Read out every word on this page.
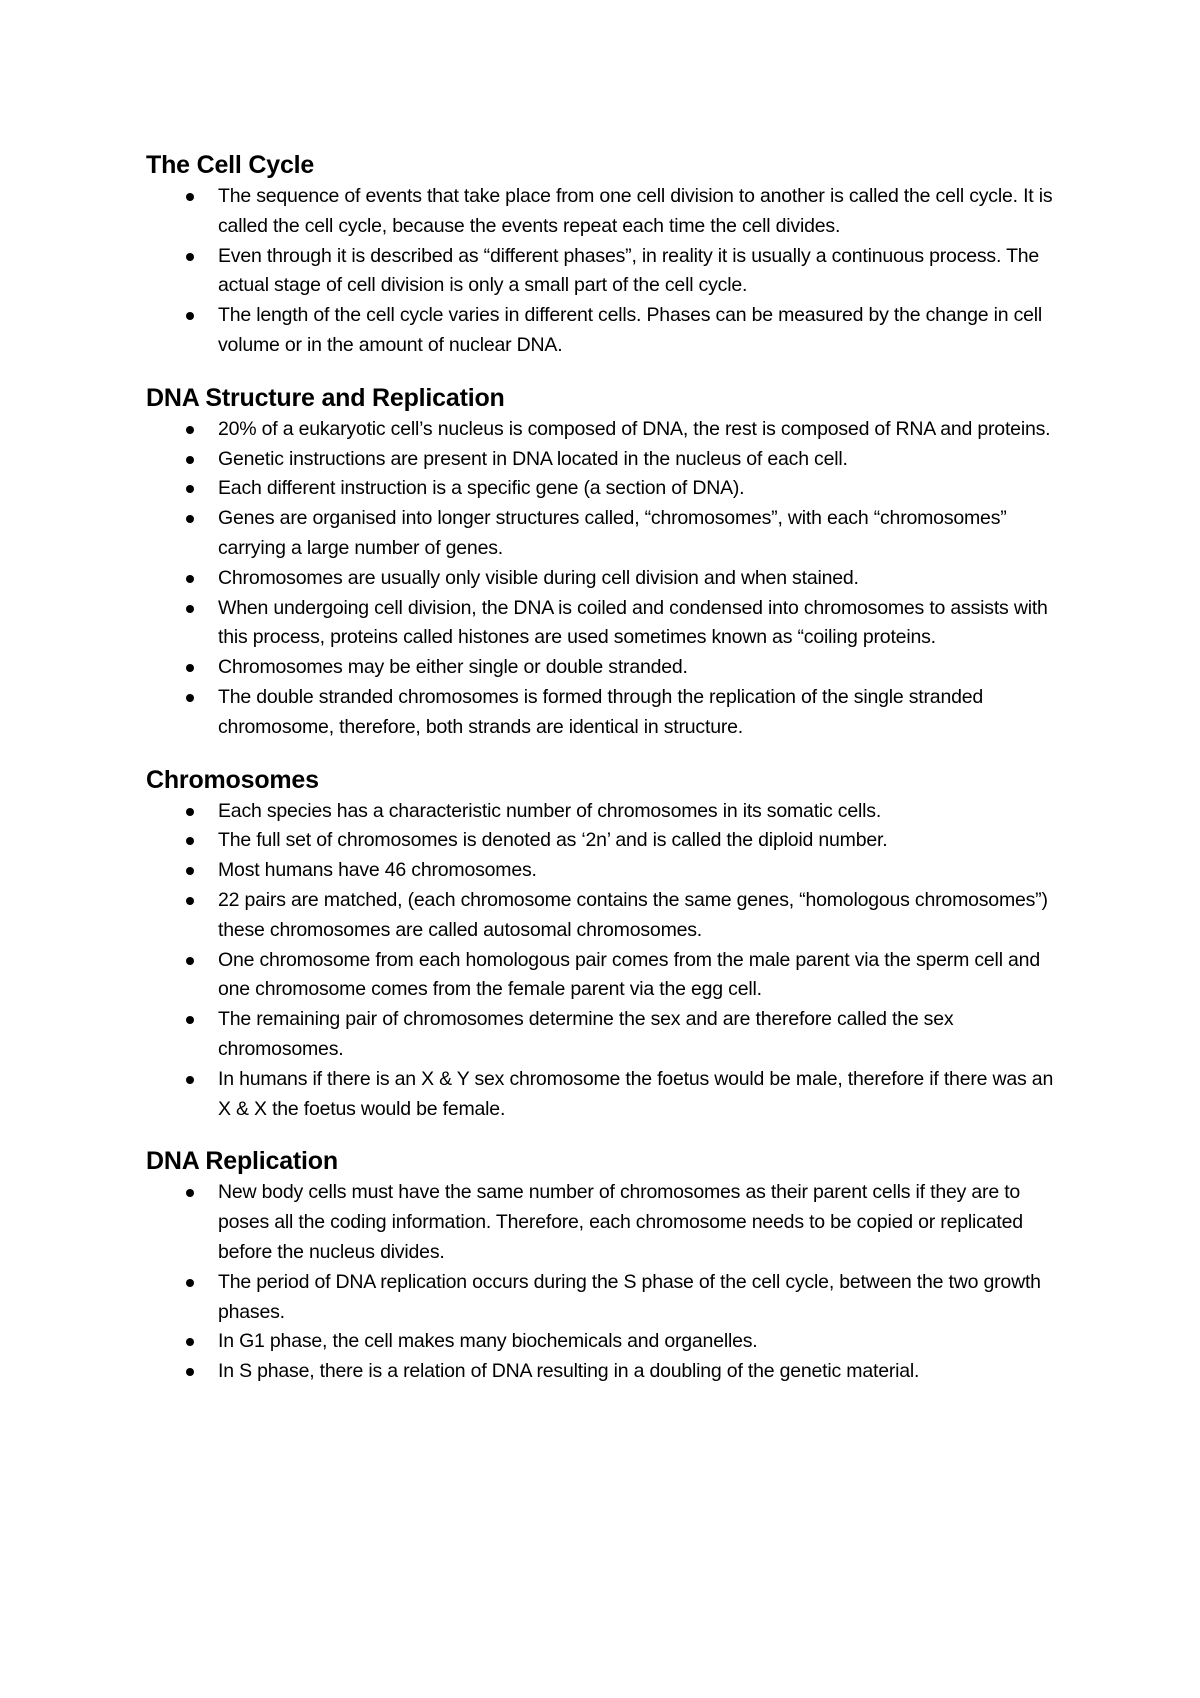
The Cell Cycle
The sequence of events that take place from one cell division to another is called the cell cycle. It is called the cell cycle, because the events repeat each time the cell divides.
Even through it is described as “different phases”, in reality it is usually a continuous process. The actual stage of cell division is only a small part of the cell cycle.
The length of the cell cycle varies in different cells. Phases can be measured by the change in cell volume or in the amount of nuclear DNA.
DNA Structure and Replication
20% of a eukaryotic cell’s nucleus is composed of DNA, the rest is composed of RNA and proteins.
Genetic instructions are present in DNA located in the nucleus of each cell.
Each different instruction is a specific gene (a section of DNA).
Genes are organised into longer structures called, “chromosomes”, with each “chromosomes” carrying a large number of genes.
Chromosomes are usually only visible during cell division and when stained.
When undergoing cell division, the DNA is coiled and condensed into chromosomes to assists with this process, proteins called histones are used sometimes known as “coiling proteins.
Chromosomes may be either single or double stranded.
The double stranded chromosomes is formed through the replication of the single stranded chromosome, therefore, both strands are identical in structure.
Chromosomes
Each species has a characteristic number of chromosomes in its somatic cells.
The full set of chromosomes is denoted as ‘2n’ and is called the diploid number.
Most humans have 46 chromosomes.
22 pairs are matched, (each chromosome contains the same genes, “homologous chromosomes”) these chromosomes are called autosomal chromosomes.
One chromosome from each homologous pair comes from the male parent via the sperm cell and one chromosome comes from the female parent via the egg cell.
The remaining pair of chromosomes determine the sex and are therefore called the sex chromosomes.
In humans if there is an X & Y sex chromosome the foetus would be male, therefore if there was an X & X the foetus would be female.
DNA Replication
New body cells must have the same number of chromosomes as their parent cells if they are to poses all the coding information. Therefore, each chromosome needs to be copied or replicated before the nucleus divides.
The period of DNA replication occurs during the S phase of the cell cycle, between the two growth phases.
In G1 phase, the cell makes many biochemicals and organelles.
In S phase, there is a relation of DNA resulting in a doubling of the genetic material.
